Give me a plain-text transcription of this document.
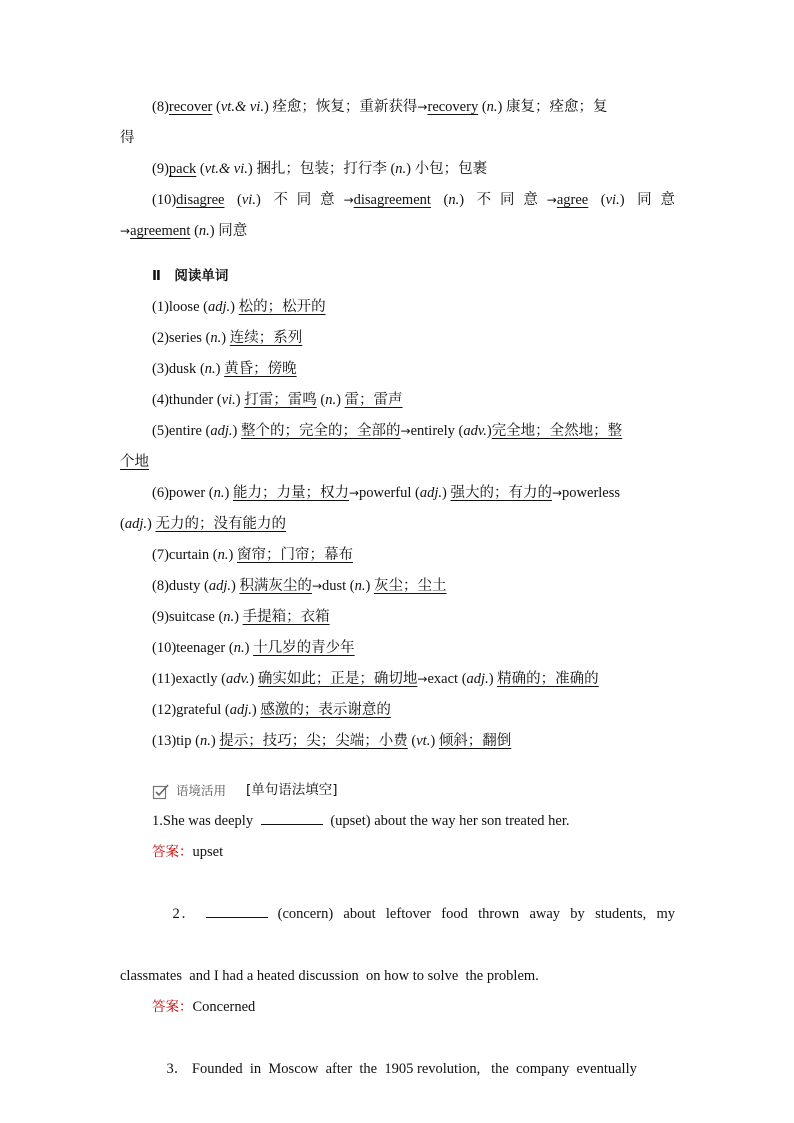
(8)recover (vt.& vi.) 痊愈；恢复；重新获得→recovery (n.) 康复；痊愈；复
得
(9)pack (vt.& vi.) 捆扎；包装；打行李 (n.) 小包；包裹
(10)disagree (vi.) 不同意→disagreement (n.) 不同意→agree (vi.) 同意
→agreement (n.) 同意
Ⅱ　阅读单词
(1)loose (adj.) 松的；松开的
(2)series (n.) 连续；系列
(3)dusk (n.) 黄昏；傍晚
(4)thunder (vi.) 打雷；雷鸣 (n.) 雷；雷声
(5)entire (adj.) 整个的；完全的；全部的→entirely (adv.)完全地；全然地；整
个地
(6)power (n.) 能力；力量；权力→powerful (adj.) 强大的；有力的→powerless
(adj.) 无力的；没有能力的
(7)curtain (n.) 窗帘；门帘；幕布
(8)dusty (adj.) 积满灰尘的→dust (n.) 灰尘；尘土
(9)suitcase (n.) 手提箱；衣箱
(10)teenager (n.) 十几岁的青少年
(11)exactly (adv.) 确实如此；正是；确切地→exact (adj.) 精确的；准确的
(12)grateful (adj.) 感激的；表示谢意的
(13)tip (n.) 提示；技巧；尖；尖端；小费 (vt.) 倾斜；翻倒
语境活用 [单句语法填空]
1.She was deeply	(upset) about the way her son treated her.
答案：upset

2．	(concern)  about  leftover  food  thrown  away  by  students,  my

classmates  and I had a heated discussion  on how to solve  the problem.
答案：Concerned

3． Founded  in  Moscow  after  the  1905 revolution,   the  company  eventually
